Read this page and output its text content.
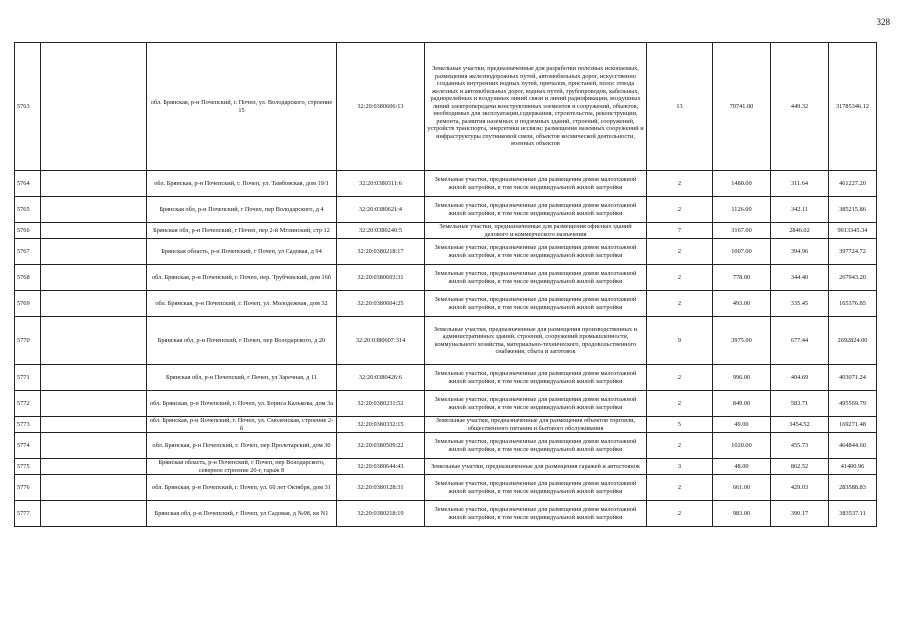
328
5763		обл. Брянская, р-н Почепский, г. Почеп, ул. Володарского, строение 15	32:20:0380606:13	Земельные участки, предназначенные для разработки полезных ископаемых, размещения железнодорожных путей, автомобильных дорог, искусственно созданных внутренних водных путей, причалов, пристаней, полос отвода железных и автомобильных дорог, водных путей, трубопроводов, кабельных, радиорелейных и воздушных линий связи и линий радиофикации, воздушных линий электропередачи конструктивных элементов и сооружений, объектов, необходимых для эксплуатации,содержания, строительства, реконструкции, ремонта, развития наземных и подземных зданий, строений, сооружений, устройств транспорта, энергетики иссвязи; размещения наземных сооружений и инфраструктуры спутниковой связи, объектов космической деятельности, военных объектов	13	70741.00	449.32	31785346.12
5764		обл. Брянская, р-н Почепский, г. Почеп, ул. Тамбовская, дом 19/1	32:20:0380311:6	Земельные участки, предназначенные для размещения домов малоэтажной жилой застройки, в том числе индивидуальной жилой застройки	2	1480.00	311.64	461227.20
5765		Брянская обл, р-н Почепский, г Почеп, пер Володарского, д 4	32:20:0380621:4	Земельные участки, предназначенные для размещения домов малоэтажной жилой застройки, в том числе индивидуальной жилой застройки	2	1126.00	342.11	385215.86
5766		Брянская обл, р-н Почепский, г Почеп, пер 2-й Мглинский, стр 12	32:20:0380240:5	Земельные участки, предназначенные для размещения офисных зданий делового и коммерческого назначения	7	3167.00	2846.02	9013345.34
5767		Брянская область, р-н Почепский, г Почеп, ул Садовая, д 94	32:20:0380218:17	Земельные участки, предназначенные для размещения домов малоэтажной жилой застройки, в том числе индивидуальной жилой застройки	2	1007.00	394.96	397724.72
5768		обл. Брянская, р-н Почепский, г. Почеп, пер. Трубчевский, дом 16б	32:20:0380603:31	Земельные участки, предназначенные для размещения домов малоэтажной жилой застройки, в том числе индивидуальной жилой застройки	2	778.00	344.40	267943.20
5769		обл. Брянская, р-н Почепский, г. Почеп, ул. Молодежная, дом 32	32:20:0380604:25	Земельные участки, предназначенные для размещения домов малоэтажной жилой застройки, в том числе индивидуальной жилой застройки	2	493.00	335.45	165376.85
5770		Брянская обл, р-н Почепский, г Почеп, пер Володарского, д 20	32:20:0380607:314	Земельные участки, предназначенные для размещения производственных и административных зданий, строений, сооружений промышленности, коммунального хозяйства, материально-технического, продовольственного снабжения, сбыта и заготовок	9	3975.00	677.44	2692824.00
5771		Брянская обл, р-н Почепский, г Почеп, ул Заречная, д 11	32:20:0380426:6	Земельные участки, предназначенные для размещения домов малоэтажной жилой застройки, в том числе индивидуальной жилой застройки	2	996.00	404.69	403071.24
5772		обл. Брянская, р-н Почепский, г. Почеп, ул. Бориса Калькова, дом 3а	32:20:0380231:52	Земельные участки, предназначенные для размещения домов малоэтажной жилой застройки, в том числе индивидуальной жилой застройки	2	849.00	583.71	495569.79
5773		обл. Брянская, р-н Почепский, г. Почеп, ул. Смоленская, строение 2-б	32:20:0380332:15	Земельные участки, предназначенные для размещения объектов торговли, общественного питания и бытового обслуживания	5	49.00	3454.52	169271.48
5774		обл. Брянская, р-н Почепский, г. Почеп, пер Пролетарский, дом 30	32:20:0380509:22	Земельные участки, предназначенные для размещения домов малоэтажной жилой застройки, в том числе индивидуальной жилой застройки	2	1020.00	455.73	464844.60
5775		Брянская область, р-н Почепский, г Почеп, пер Володарского, северное строение 20-г, гараж 8	32:20:0380644:43	Земельные участки, предназначенные для размещения гаражей и автостоянок	3	48.00	862.52	41400.96
5776		обл. Брянская, р-н Почепский, г. Почеп, ул. 60 лет Октября, дом 31	32:20:0380128:31	Земельные участки, предназначенные для размещения домов малоэтажной жилой застройки, в том числе индивидуальной жилой застройки	2	661.00	429.03	283588.83
5777		Брянская обл, р-н Почепский, г Почеп, ул Садовая, д №98, кв N1	32:20:0380218:19	Земельные участки, предназначенные для размещения домов малоэтажной жилой застройки, в том числе индивидуальной жилой застройки	2	983.00	390.17	383537.11
